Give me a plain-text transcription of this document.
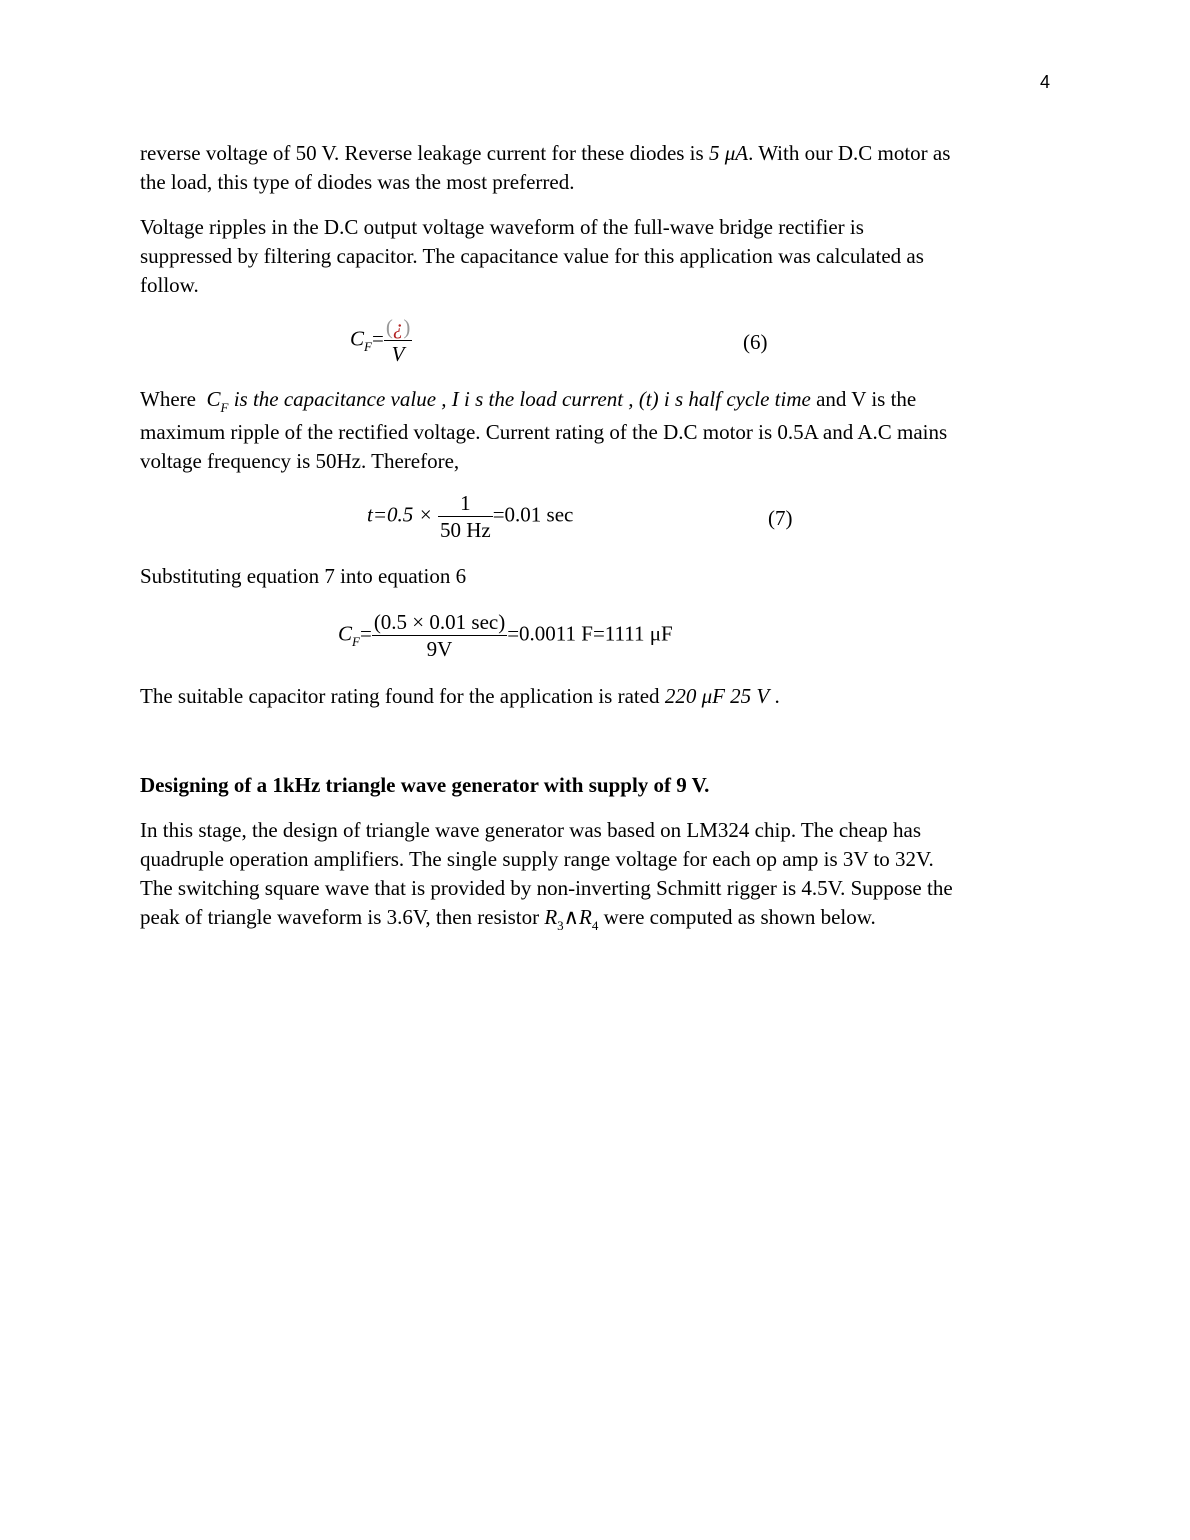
4
reverse voltage of 50 V. Reverse leakage current for these diodes is 5 μA. With our D.C motor as
the load, this type of diodes was the most preferred.
Voltage ripples in the D.C output voltage waveform of the full-wave bridge rectifier is
suppressed by filtering capacitor. The capacitance value for this application was calculated as
follow.
$C_F= \frac{(¿)}{V}$	(6)
Where $C_F$ is the capacitance value , I i s the load current , (t) i s half cycle time and V is the
maximum ripple of the rectified voltage. Current rating of the D.C motor is 0.5A and A.C mains
voltage frequency is 50Hz. Therefore,
$t=0.5 \times \frac{1}{50 Hz} =0.01$ sec	(7)
Substituting equation 7 into equation 6
$C_F= \frac{(0.5 \times 0.01 \sec)}{9V} =0.0011$ F=1111 μF
The suitable capacitor rating found for the application is rated 220 μF 25 V .
Designing of a 1kHz triangle wave generator with supply of 9 V.
In this stage, the design of triangle wave generator was based on LM324 chip. The cheap has
quadruple operation amplifiers. The single supply range voltage for each op amp is 3V to 32V.
The switching square wave that is provided by non-inverting Schmitt rigger is 4.5V. Suppose the
peak of triangle waveform is 3.6V, then resistor $R_3\wedge R_4$ were computed as shown below.
